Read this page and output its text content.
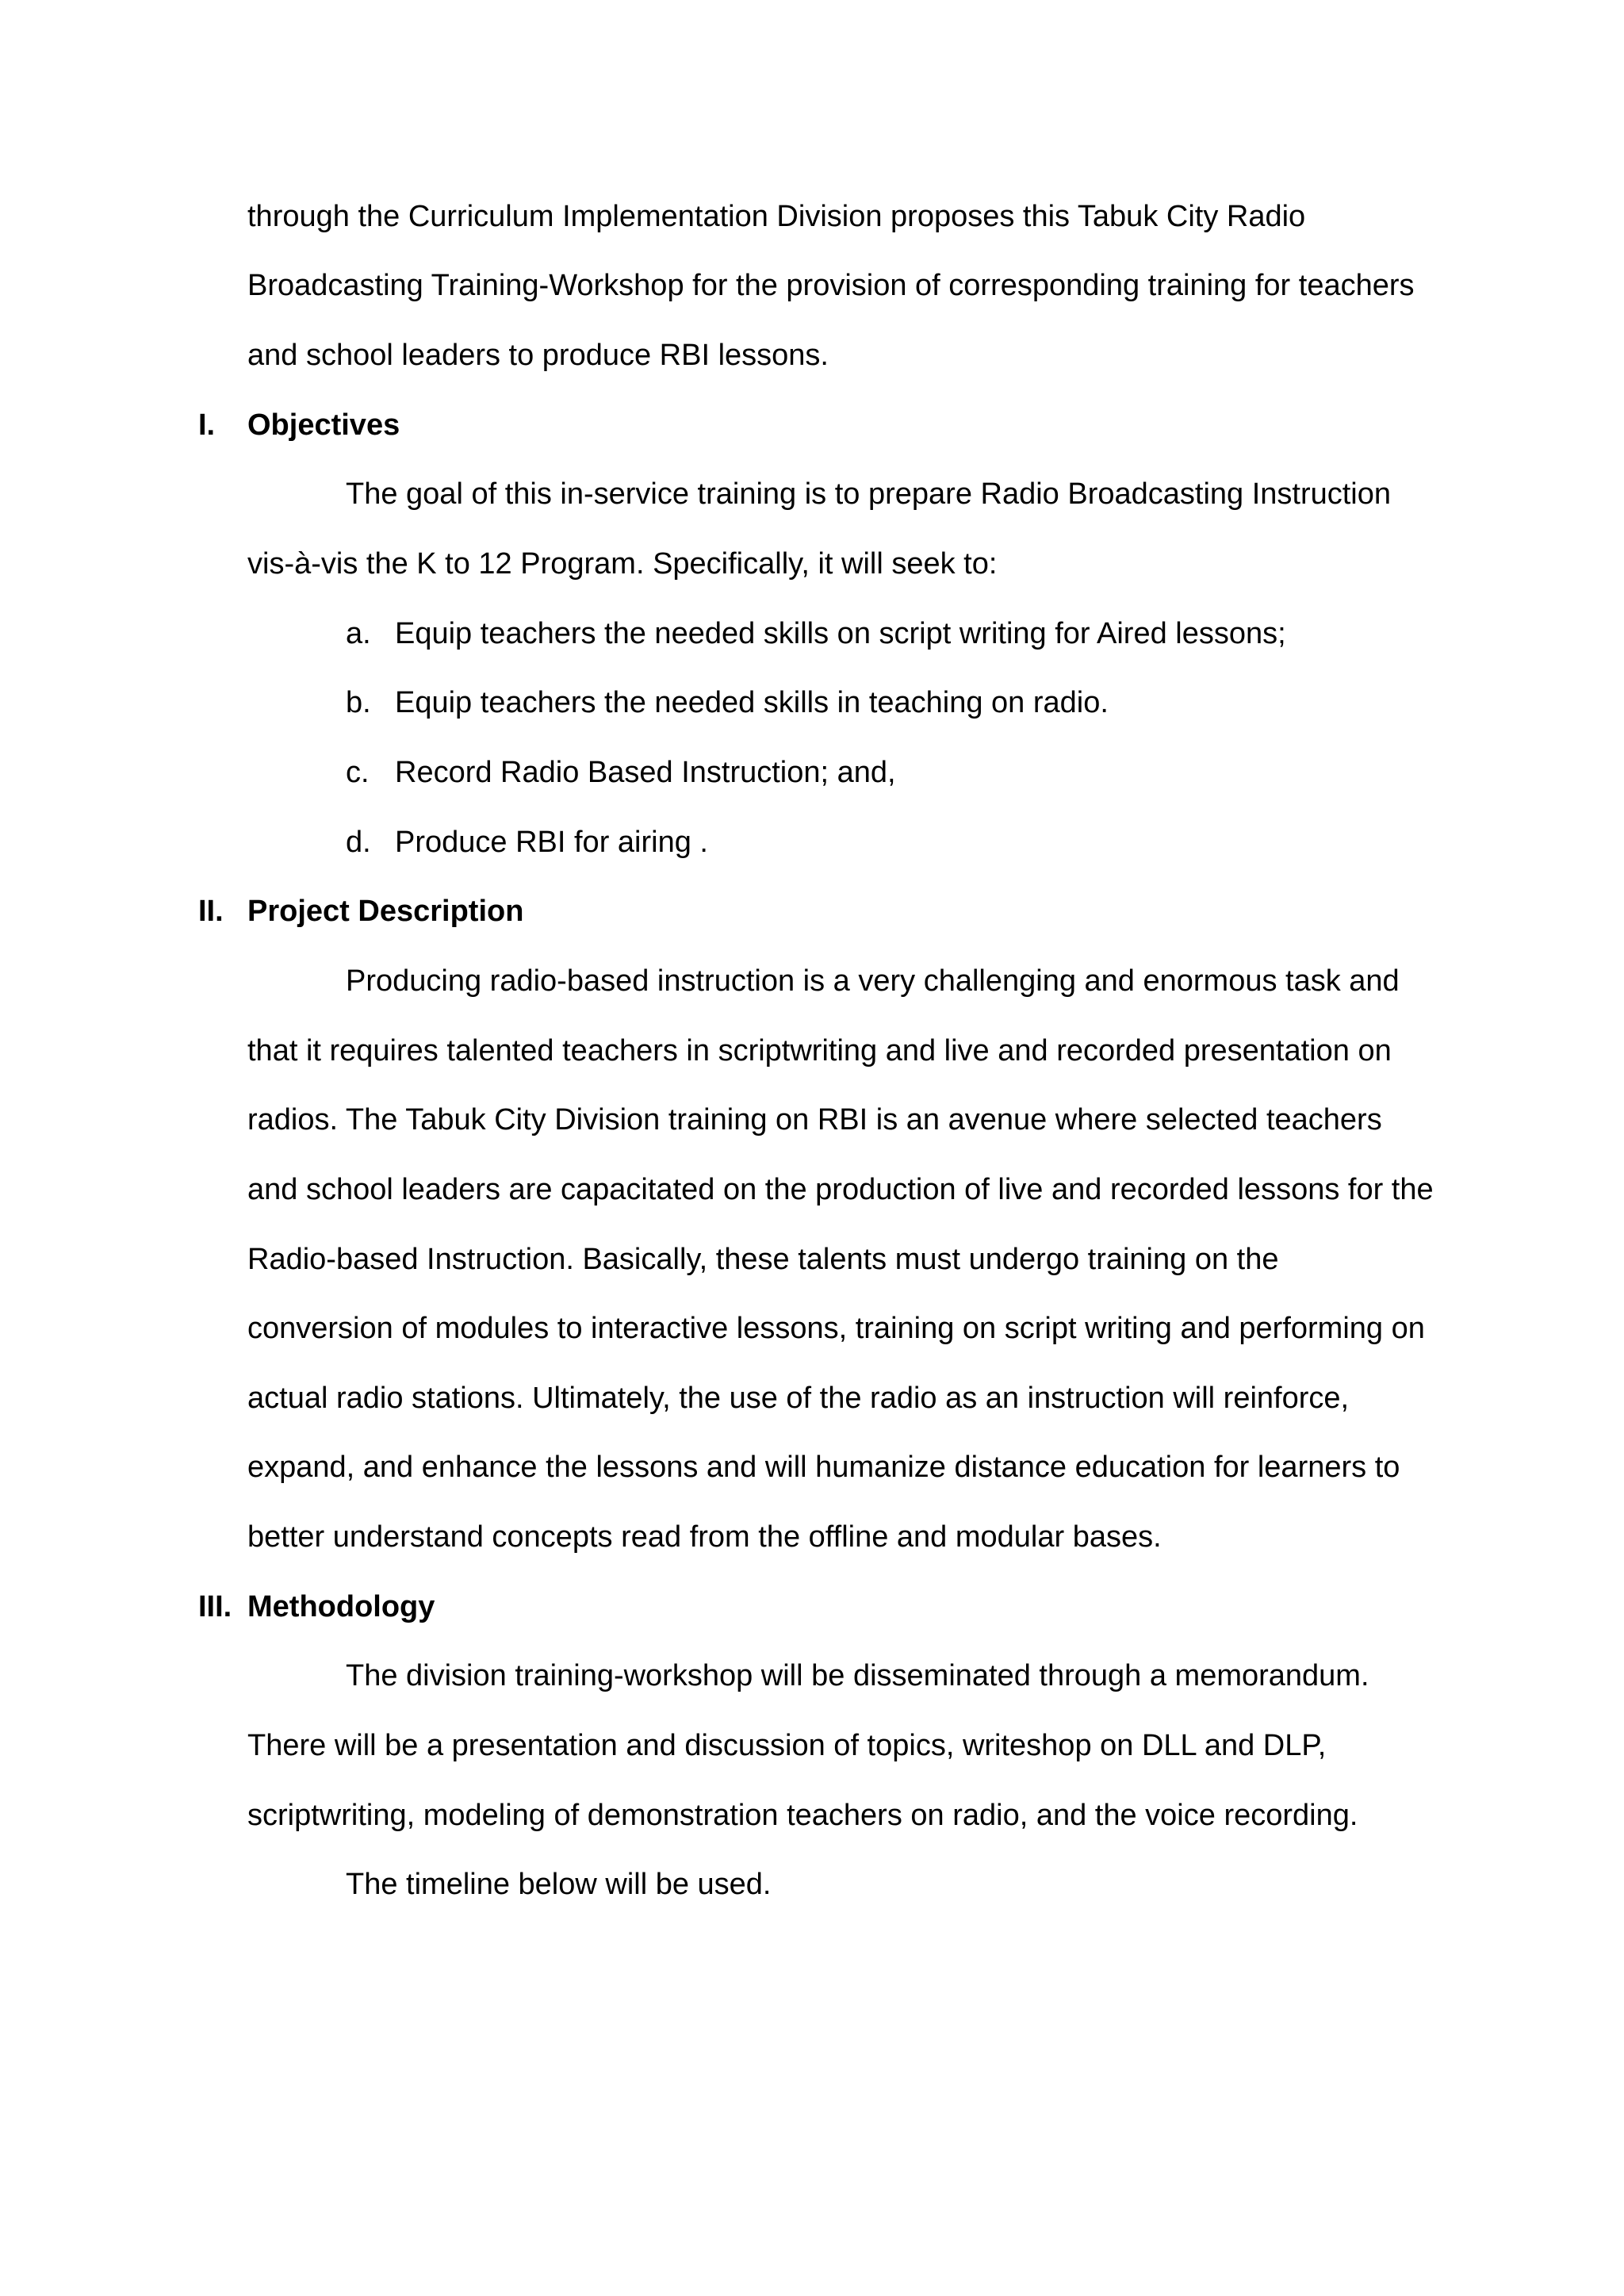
through the Curriculum Implementation Division proposes this Tabuk City Radio
Broadcasting Training-Workshop for the provision of corresponding training for teachers
and school leaders to produce RBI lessons.
I. Objectives
The goal of this in-service training is to prepare Radio Broadcasting Instruction
vis-à-vis the K to 12 Program. Specifically, it will seek to:
a. Equip teachers the needed skills on script writing for Aired lessons;
b. Equip teachers the needed skills in teaching on radio.
c. Record Radio Based Instruction; and,
d. Produce RBI for airing .
II. Project Description
Producing radio-based instruction is a very challenging and enormous task and
that it requires talented teachers in scriptwriting and live and recorded presentation on
radios. The Tabuk City Division training on RBI is an avenue where selected teachers
and school leaders are capacitated on the production of live and recorded lessons for the
Radio-based Instruction. Basically, these talents must undergo training on the
conversion of modules to interactive lessons, training on script writing and performing on
actual radio stations. Ultimately, the use of the radio as an instruction will reinforce,
expand, and enhance the lessons and will humanize distance education for learners to
better understand concepts read from the offline and modular bases.
III. Methodology
The division training-workshop will be disseminated through a memorandum.
There will be a presentation and discussion of topics, writeshop on DLL and DLP,
scriptwriting, modeling of demonstration teachers on radio, and the voice recording.
The timeline below will be used.
